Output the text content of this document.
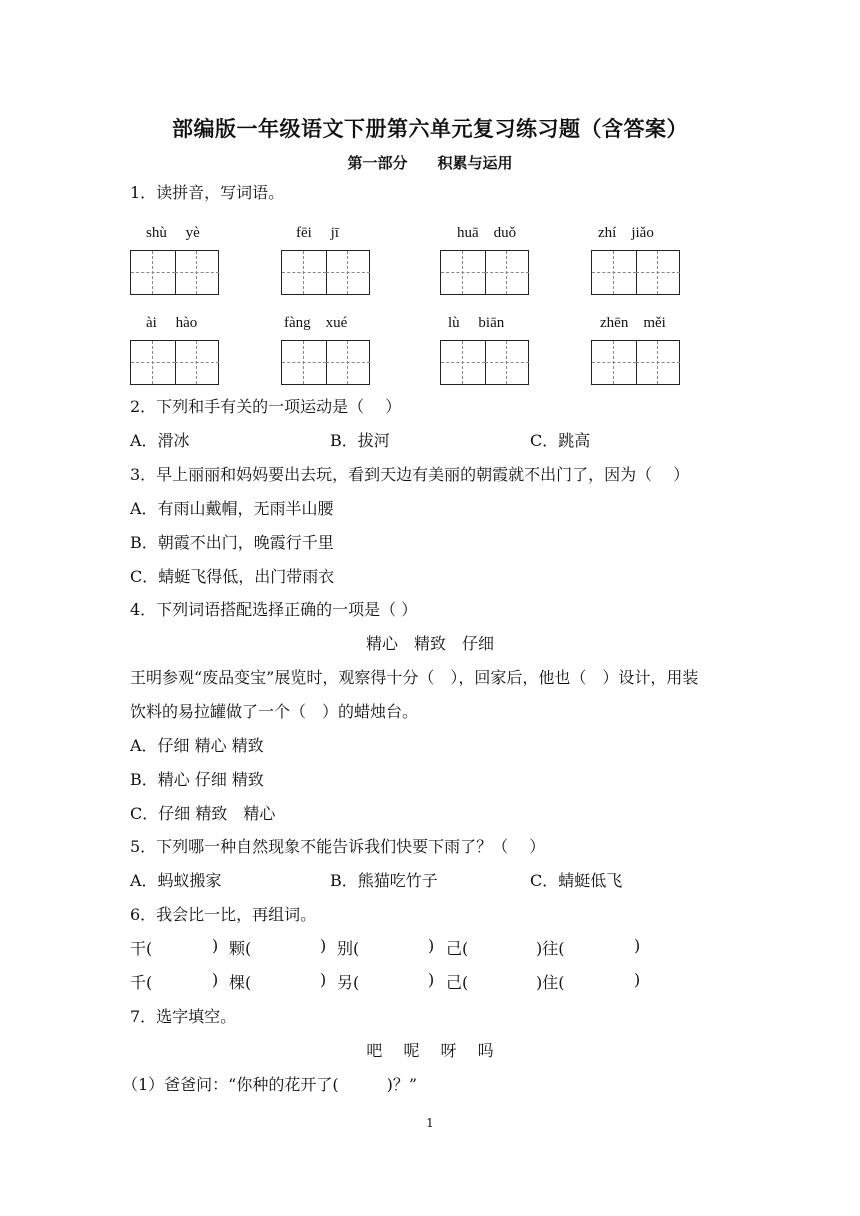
部编版一年级语文下册第六单元复习练习题（含答案）
第一部分　　积累与运用
1．读拼音，写词语。
shù　 yè	fēi　 jī	huā　duǒ	zhí　jiǎo
ài　 hào	fàng　xué	lù　 biān	zhēn　měi
2．下列和手有关的一项运动是（　 ）
A．滑冰	B．拔河	C．跳高
3．早上丽丽和妈妈要出去玩，看到天边有美丽的朝霞就不出门了，因为（　 ）
A．有雨山戴帽，无雨半山腰
B．朝霞不出门，晚霞行千里
C．蜻蜓飞得低，出门带雨衣
4．下列词语搭配选择正确的一项是（ ）
精心　精致　仔细
王明参观“废品变宝”展览时，观察得十分（　），回家后，他也（　）设计，用装
饮料的易拉罐做了一个（　）的蜡烛台。
A．仔细 精心 精致
B．精心 仔细 精致
C．仔细 精致　精心
5．下列哪一种自然现象不能告诉我们快要下雨了？（　 ）
A．蚂蚁搬家	B．熊猫吃竹子	C．蜻蜓低飞
6．我会比一比，再组词。
干(	) 颗(	) 别(	) 己(	)往(	)
千(	) 棵(	) 另(	) 己(	)住(	)
7．选字填空。
吧　 呢　 呀　 吗
（1）爸爸问：“你种的花开了(　　　)？”
1
